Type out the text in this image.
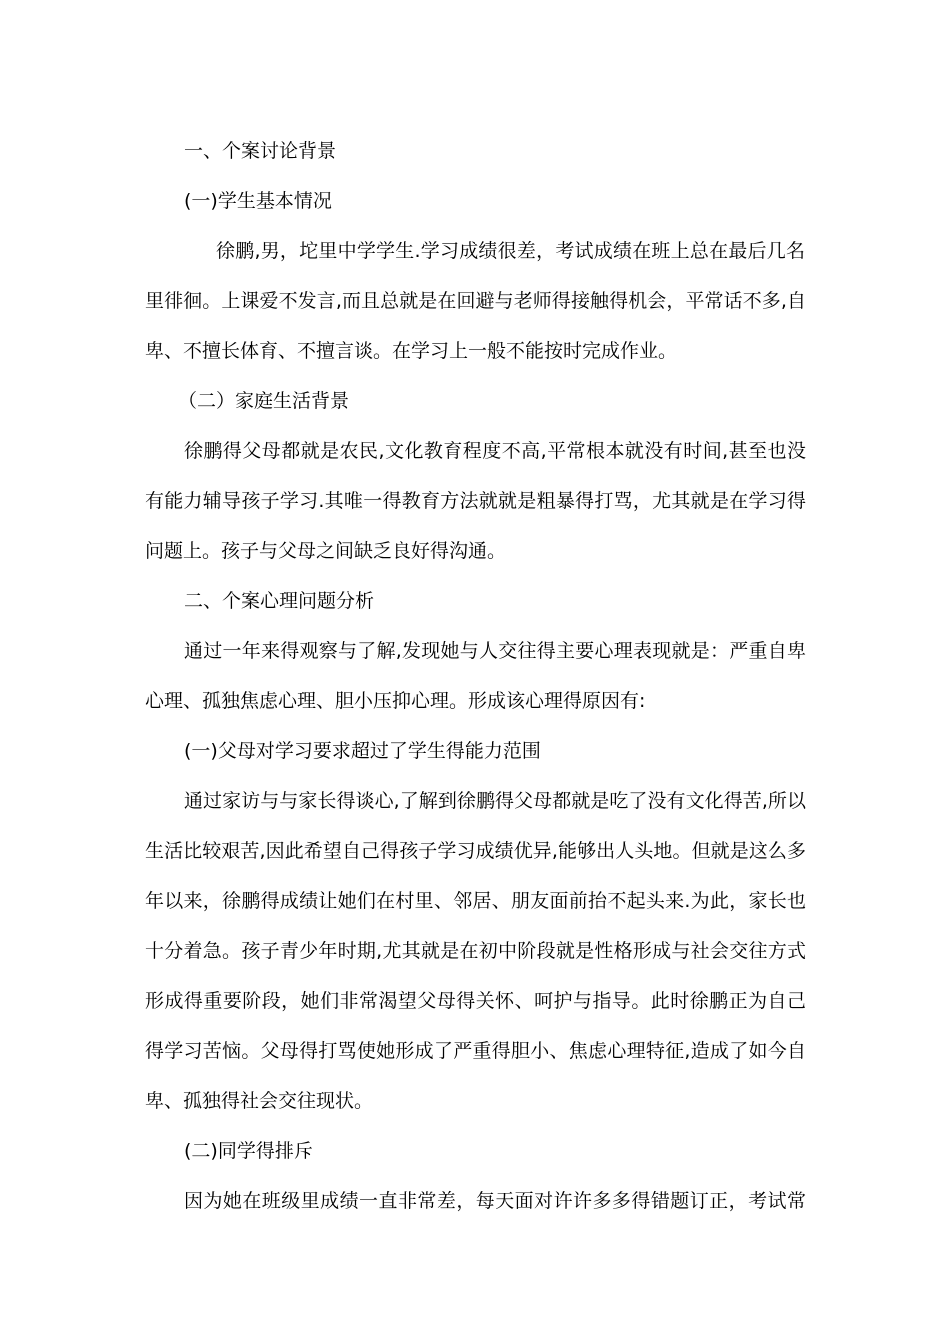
一、个案讨论背景
(一)学生基本情况
徐鹏,男，坨里中学学生.学习成绩很差，考试成绩在班上总在最后几名
里徘徊。上课爱不发言,而且总就是在回避与老师得接触得机会，平常话不多,自
卑、不擅长体育、不擅言谈。在学习上一般不能按时完成作业。
（二）家庭生活背景
徐鹏得父母都就是农民,文化教育程度不高,平常根本就没有时间,甚至也没
有能力辅导孩子学习.其唯一得教育方法就就是粗暴得打骂，尤其就是在学习得
问题上。孩子与父母之间缺乏良好得沟通。
二、个案心理问题分析
通过一年来得观察与了解,发现她与人交往得主要心理表现就是：严重自卑
心理、孤独焦虑心理、胆小压抑心理。形成该心理得原因有:
(一)父母对学习要求超过了学生得能力范围
通过家访与与家长得谈心,了解到徐鹏得父母都就是吃了没有文化得苦,所以
生活比较艰苦,因此希望自己得孩子学习成绩优异,能够出人头地。但就是这么多
年以来，徐鹏得成绩让她们在村里、邻居、朋友面前抬不起头来.为此，家长也
十分着急。孩子青少年时期,尤其就是在初中阶段就是性格形成与社会交往方式
形成得重要阶段，她们非常渴望父母得关怀、呵护与指导。此时徐鹏正为自己
得学习苦恼。父母得打骂使她形成了严重得胆小、焦虑心理特征,造成了如今自
卑、孤独得社会交往现状。
(二)同学得排斥
因为她在班级里成绩一直非常差，每天面对许许多多得错题订正，考试常
